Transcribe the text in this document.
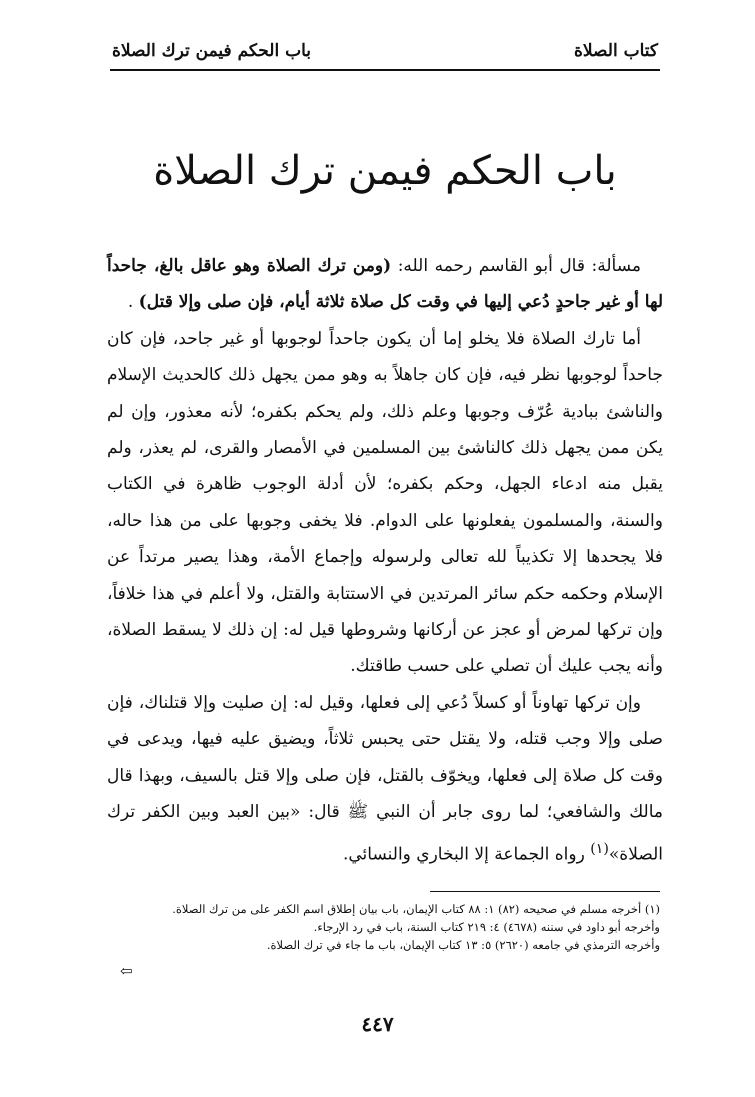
كتاب الصلاة
باب الحكم فيمن ترك الصلاة
باب الحكم فيمن ترك الصلاة

مسألة: قال أبو القاسم رحمه الله: (ومن ترك الصلاة وهو عاقل بالغ، جاحداً لها أو غير جاحدٍ دُعي إليها في وقت كل صلاة ثلاثة أيام، فإن صلى وإلا قتل) .

أما تارك الصلاة فلا يخلو إما أن يكون جاحداً لوجوبها أو غير جاحد، فإن كان جاحداً لوجوبها نظر فيه، فإن كان جاهلاً به وهو ممن يجهل ذلك كالحديث الإسلام والناشئ ببادية عُرّف وجوبها وعلم ذلك، ولم يحكم بكفره؛ لأنه معذور، وإن لم يكن ممن يجهل ذلك كالناشئ بين المسلمين في الأمصار والقرى، لم يعذر، ولم يقبل منه ادعاء الجهل، وحكم بكفره؛ لأن أدلة الوجوب ظاهرة في الكتاب والسنة، والمسلمون يفعلونها على الدوام. فلا يخفى وجوبها على من هذا حاله، فلا يجحدها إلا تكذيباً لله تعالى ولرسوله وإجماع الأمة، وهذا يصير مرتداً عن الإسلام وحكمه حكم سائر المرتدين في الاستتابة والقتل، ولا أعلم في هذا خلافاً، وإن تركها لمرض أو عجز عن أركانها وشروطها قيل له: إن ذلك لا يسقط الصلاة، وأنه يجب عليك أن تصلي على حسب طاقتك.

وإن تركها تهاوناً أو كسلاً دُعي إلى فعلها، وقيل له: إن صليت وإلا قتلناك، فإن صلى وإلا وجب قتله، ولا يقتل حتى يحبس ثلاثاً، ويضيق عليه فيها، ويدعى في وقت كل صلاة إلى فعلها، ويخوّف بالقتل، فإن صلى وإلا قتل بالسيف، وبهذا قال مالك والشافعي؛ لما روى جابر أن النبي ﷺ قال: «بين العبد وبين الكفر ترك الصلاة»$^{(١)}$ رواه الجماعة إلا البخاري والنسائي.

(١) أخرجه مسلم في صحيحه (٨٢) ١: ٨٨ كتاب الإيمان، باب بيان إطلاق اسم الكفر على من ترك الصلاة.

وأخرجه أبو داود في سننه (٤٦٧٨) ٤: ٢١٩ كتاب السنة، باب في رد الإرجاء.

وأخرجه الترمذي في جامعه (٢٦٢٠) ٥: ١٣ كتاب الإيمان، باب ما جاء في ترك الصلاة.

⇦
٤٤٧
